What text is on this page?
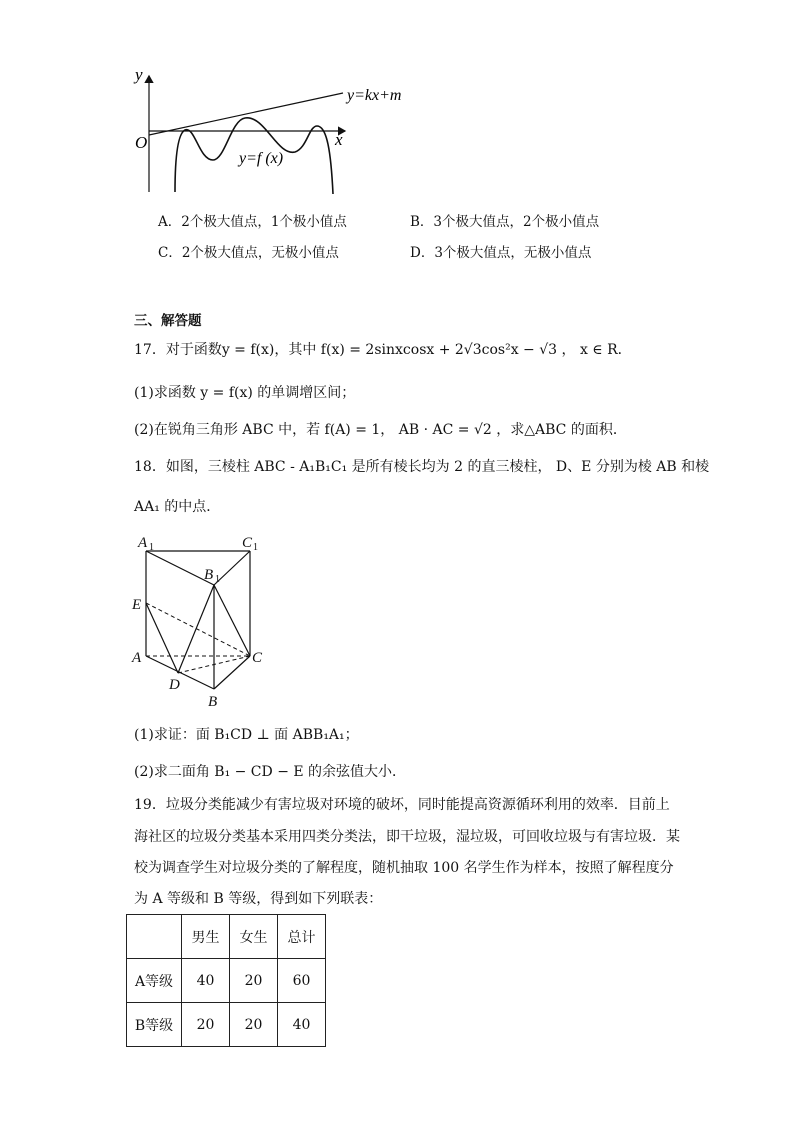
y
x
O
y=kx+m
y=f (x)
A．2个极大值点，1个极小值点	B．3个极大值点，2个极小值点
C．2个极大值点，无极小值点	D．3个极大值点，无极小值点
三、解答题
17．对于函数y = f(x)，其中 f(x) = 2sinxcosx + 2√3cos²x − √3 ， x ∈ R．
(1)求函数 y = f(x) 的单调增区间；
(2)在锐角三角形 ABC 中，若 f(A) = 1， AB · AC = √2 ，求△ABC 的面积．
18．如图，三棱柱 ABC - A₁B₁C₁ 是所有棱长均为 2 的直三棱柱， D、E 分别为棱 AB 和棱
AA₁ 的中点．
A 1	C 1
B 1
E
A	C
D
B
(1)求证：面 B₁CD ⊥ 面 ABB₁A₁；
(2)求二面角 B₁ − CD − E 的余弦值大小．
19．垃圾分类能减少有害垃圾对环境的破坏，同时能提高资源循环利用的效率．目前上
海社区的垃圾分类基本采用四类分类法，即干垃圾，湿垃圾，可回收垃圾与有害垃圾．某
校为调查学生对垃圾分类的了解程度，随机抽取 100 名学生作为样本，按照了解程度分
为 A 等级和 B 等级，得到如下列联表：
	男生	女生	总计
A等级	40	20	60
B等级	20	20	40
